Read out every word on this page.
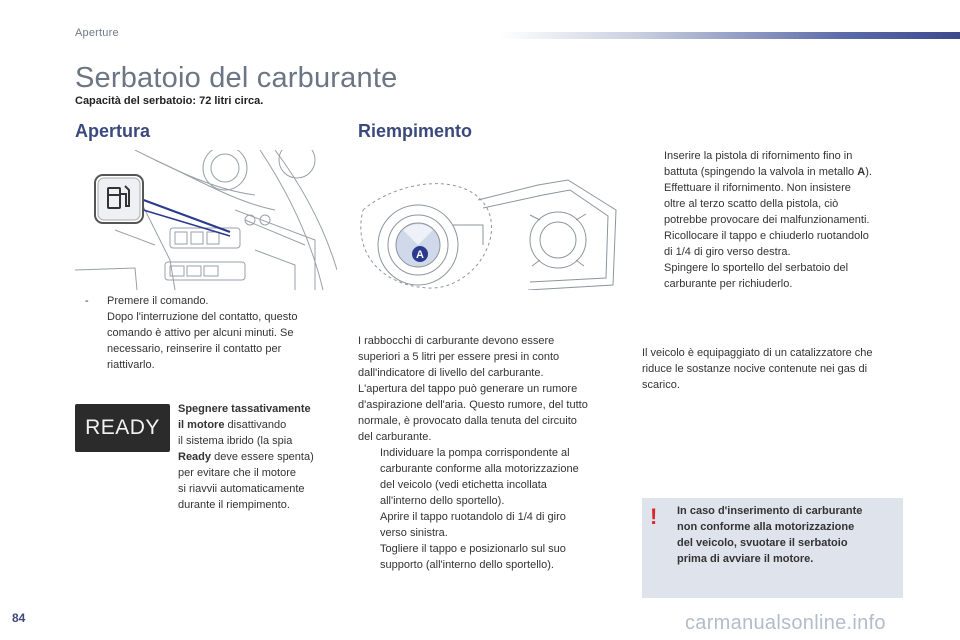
Aperture
Serbatoio del carburante
Capacità del serbatoio: 72 litri circa.
Apertura
-	Premere il comando.
Dopo l'interruzione del contatto, questo
comando è attivo per alcuni minuti. Se
necessario, reinserire il contatto per
riattivarlo.
READY
Spegnere tassativamente
il motore disattivando
il sistema ibrido (la spia
Ready deve essere spenta)
per evitare che il motore
si riavvii automaticamente
durante il riempimento.
Riempimento
A
I rabbocchi di carburante devono essere
superiori a 5 litri per essere presi in conto
dall'indicatore di livello del carburante.
L'apertura del tappo può generare un rumore
d'aspirazione dell'aria. Questo rumore, del tutto
normale, è provocato dalla tenuta del circuito
del carburante.
Individuare la pompa corrispondente al
carburante conforme alla motorizzazione
del veicolo (vedi etichetta incollata
all'interno dello sportello).
Aprire il tappo ruotandolo di 1/4 di giro
verso sinistra.
Togliere il tappo e posizionarlo sul suo
supporto (all'interno dello sportello).
Inserire la pistola di rifornimento fino in
battuta (spingendo la valvola in metallo A).
Effettuare il rifornimento. Non insistere
oltre al terzo scatto della pistola, ciò
potrebbe provocare dei malfunzionamenti.
Ricollocare il tappo e chiuderlo ruotandolo
di 1/4 di giro verso destra.
Spingere lo sportello del serbatoio del
carburante per richiuderlo.
Il veicolo è equipaggiato di un catalizzatore che
riduce le sostanze nocive contenute nei gas di
scarico.
! In caso d'inserimento di carburante
non conforme alla motorizzazione
del veicolo, svuotare il serbatoio
prima di avviare il motore.
84	carmanualsonline.info
